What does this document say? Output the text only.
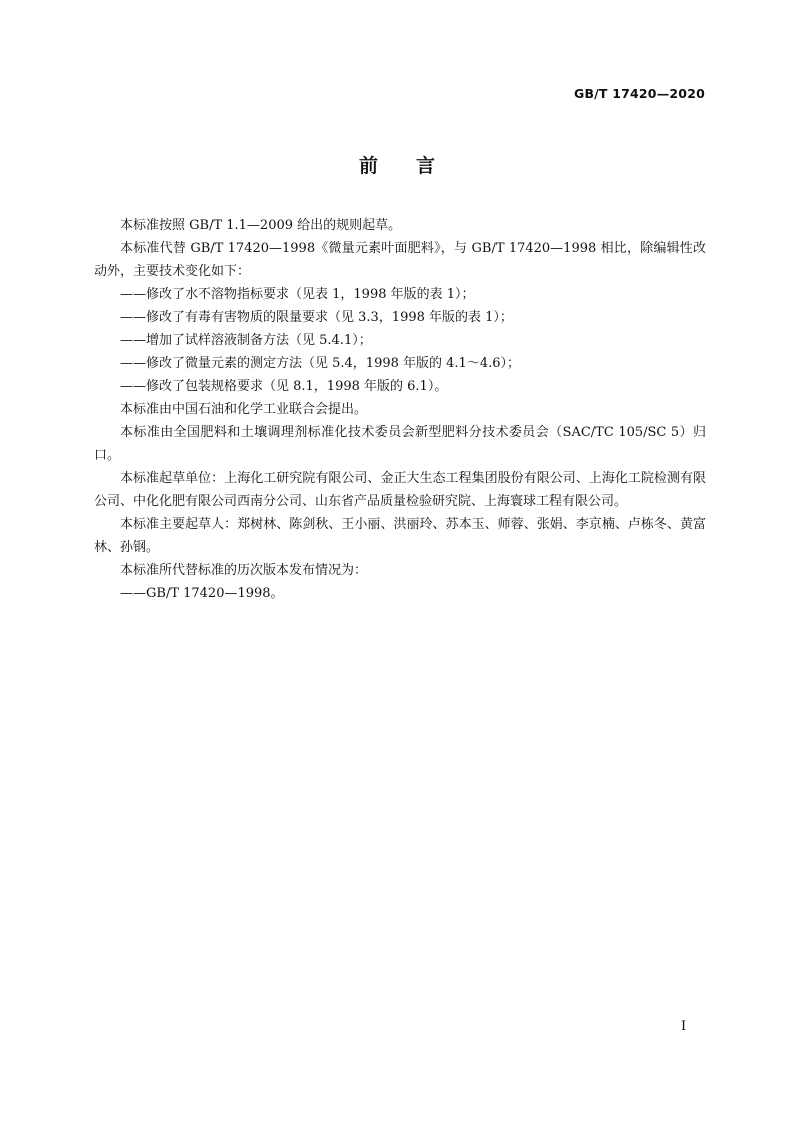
GB/T 17420—2020
前　　言

本标准按照 GB/T 1.1—2009 给出的规则起草。

本标准代替 GB/T 17420—1998《微量元素叶面肥料》，与 GB/T 17420—1998 相比，除编辑性改动外，主要技术变化如下：

——修改了水不溶物指标要求（见表 1，1998 年版的表 1）；

——修改了有毒有害物质的限量要求（见 3.3，1998 年版的表 1）；

——增加了试样溶液制备方法（见 5.4.1）；

——修改了微量元素的测定方法（见 5.4，1998 年版的 4.1～4.6）；

——修改了包装规格要求（见 8.1，1998 年版的 6.1）。

本标准由中国石油和化学工业联合会提出。

本标准由全国肥料和土壤调理剂标准化技术委员会新型肥料分技术委员会（SAC/TC 105/SC 5）归口。

本标准起草单位：上海化工研究院有限公司、金正大生态工程集团股份有限公司、上海化工院检测有限公司、中化化肥有限公司西南分公司、山东省产品质量检验研究院、上海寰球工程有限公司。

本标准主要起草人：郑树林、陈剑秋、王小丽、洪丽玲、苏本玉、师蓉、张娟、李京楠、卢栋冬、黄富林、孙钢。

本标准所代替标准的历次版本发布情况为：

——GB/T 17420—1998。

I
